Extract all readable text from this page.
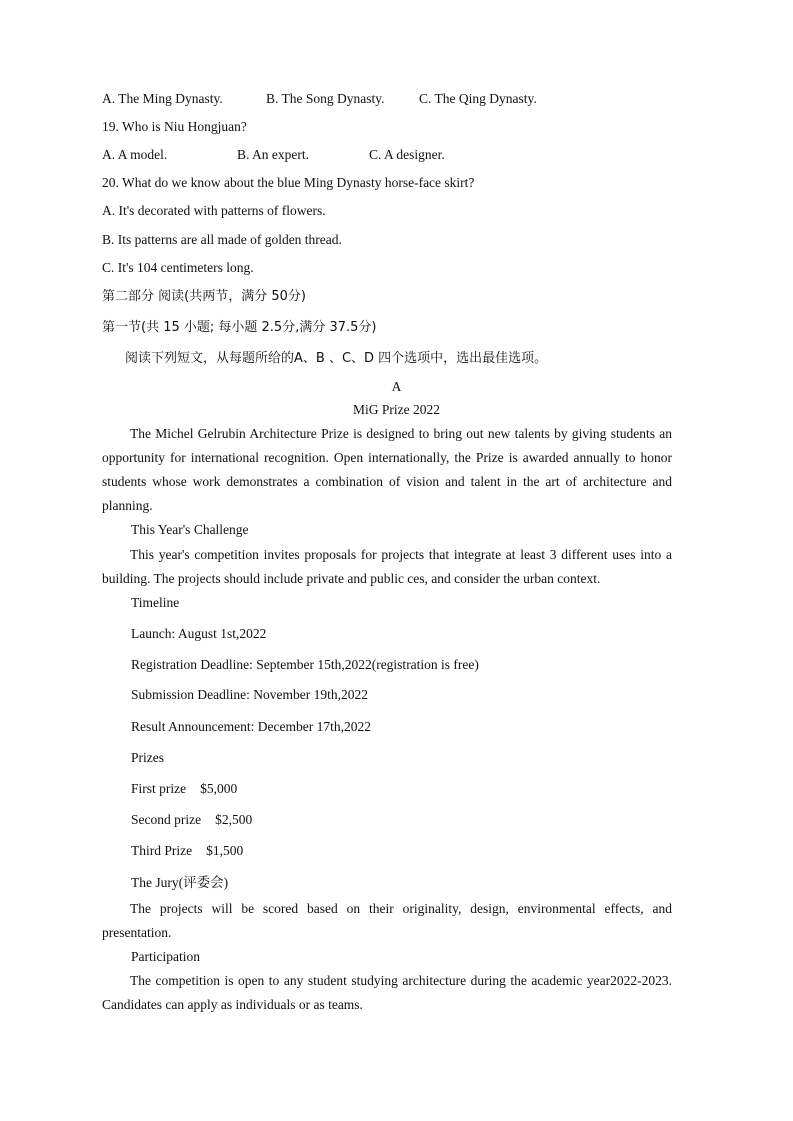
A. The Ming Dynasty.	B. The Song Dynasty.	C. The Qing Dynasty.
19. Who is Niu Hongjuan?
A. A model.	B. An expert.	C. A designer.
20. What do we know about the blue Ming Dynasty horse-face skirt?
A. It's decorated with patterns of flowers.
B. Its patterns are all made of golden thread.
C. It's 104 centimeters long.
第二部分 阅读(共两节，满分 50分)
第一节(共 15 小题; 每小题 2.5分,满分 37.5分)
阅读下列短文，从每题所给的A、B 、C、D 四个选项中，选出最佳选项。
A
MiG Prize 2022
The Michel Gelrubin Architecture Prize is designed to bring out new talents by giving students an opportunity for international recognition. Open internationally, the Prize is awarded annually to honor students whose work demonstrates a combination of vision and talent in the art of architecture and planning.
This Year's Challenge
This year's competition invites proposals for projects that integrate at least 3 different uses into a building. The projects should include private and public ces, and consider the urban context.
Timeline
Launch: August 1st,2022
Registration Deadline: September 15th,2022(registration is free)
Submission Deadline: November 19th,2022
Result Announcement: December 17th,2022
Prizes
First prize $5,000
Second prize $2,500
Third Prize $1,500
The Jury(评委会)
The projects will be scored based on their originality, design, environmental effects, and presentation.
Participation
The competition is open to any student studying architecture during the academic year2022-2023. Candidates can apply as individuals or as teams.
